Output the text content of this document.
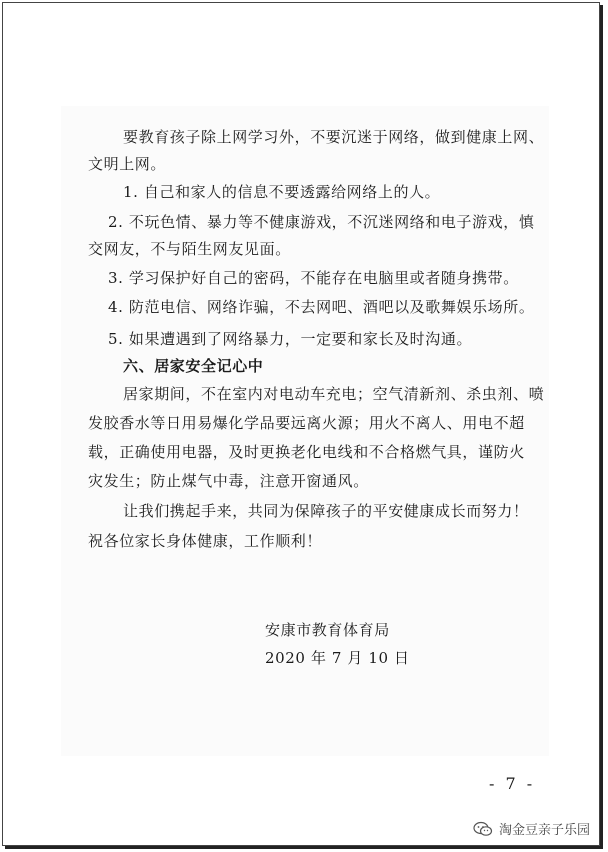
要教育孩子除上网学习外，不要沉迷于网络，做到健康上网、
文明上网。
1. 自己和家人的信息不要透露给网络上的人。
2. 不玩色情、暴力等不健康游戏，不沉迷网络和电子游戏，慎
交网友，不与陌生网友见面。
3. 学习保护好自己的密码，不能存在电脑里或者随身携带。
4. 防范电信、网络诈骗，不去网吧、酒吧以及歌舞娱乐场所。
5. 如果遭遇到了网络暴力，一定要和家长及时沟通。
六、居家安全记心中
居家期间，不在室内对电动车充电；空气清新剂、杀虫剂、喷
发胶香水等日用易爆化学品要远离火源；用火不离人、用电不超
载，正确使用电器，及时更换老化电线和不合格燃气具，谨防火
灾发生；防止煤气中毒，注意开窗通风。
让我们携起手来，共同为保障孩子的平安健康成长而努力！
祝各位家长身体健康，工作顺利！
安康市教育体育局
2020 年 7 月 10 日
- 7 -
淘金豆亲子乐园
